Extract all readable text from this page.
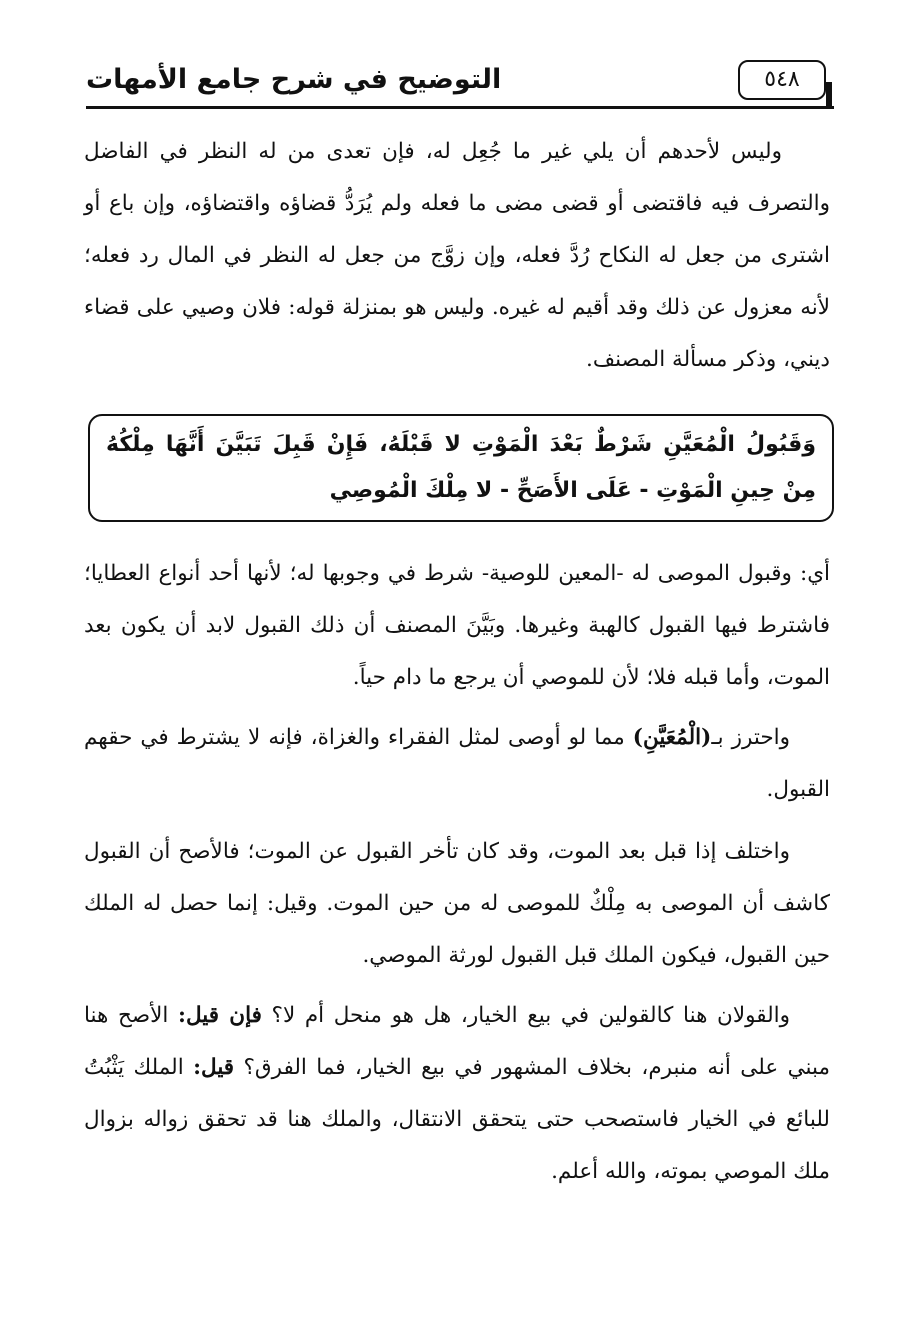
التوضيح في شرح جامع الأمهات	٥٤٨

وليس لأحدهم أن يلي غير ما جُعِل له، فإن تعدى من له النظر في الفاضل والتصرف فيه فاقتضى أو قضى مضى ما فعله ولم يُرَدُّ قضاؤه واقتضاؤه، وإن باع أو اشترى من جعل له النكاح رُدَّ فعله، وإن زوَّج من جعل له النظر في المال رد فعله؛ لأنه معزول عن ذلك وقد أقيم له غيره. وليس هو بمنزلة قوله: فلان وصيي على قضاء ديني، وذكر مسألة المصنف.

وَقَبُولُ الْمُعَيَّنِ شَرْطٌ بَعْدَ الْمَوْتِ لا قَبْلَهُ، فَإِنْ قَبِلَ تَبَيَّنَ أَنَّهَا مِلْكُهُ مِنْ حِينِ الْمَوْتِ - عَلَى الأَصَحِّ - لا مِلْكَ الْمُوصِي

أي: وقبول الموصى له -المعين للوصية- شرط في وجوبها له؛ لأنها أحد أنواع العطايا؛ فاشترط فيها القبول كالهبة وغيرها. وبَيَّنَ المصنف أن ذلك القبول لابد أن يكون بعد الموت، وأما قبله فلا؛ لأن للموصي أن يرجع ما دام حياً.

واحترز بـ(الْمُعَيَّنِ) مما لو أوصى لمثل الفقراء والغزاة، فإنه لا يشترط في حقهم القبول.

واختلف إذا قبل بعد الموت، وقد كان تأخر القبول عن الموت؛ فالأصح أن القبول كاشف أن الموصى به مِلْكٌ للموصى له من حين الموت. وقيل: إنما حصل له الملك حين القبول، فيكون الملك قبل القبول لورثة الموصي.

والقولان هنا كالقولين في بيع الخيار، هل هو منحل أم لا؟ فإن قيل: الأصح هنا مبني على أنه منبرم، بخلاف المشهور في بيع الخيار، فما الفرق؟ قيل: الملك يَثْبُتُ للبائع في الخيار فاستصحب حتى يتحقق الانتقال، والملك هنا قد تحقق زواله بزوال ملك الموصي بموته، والله أعلم.
